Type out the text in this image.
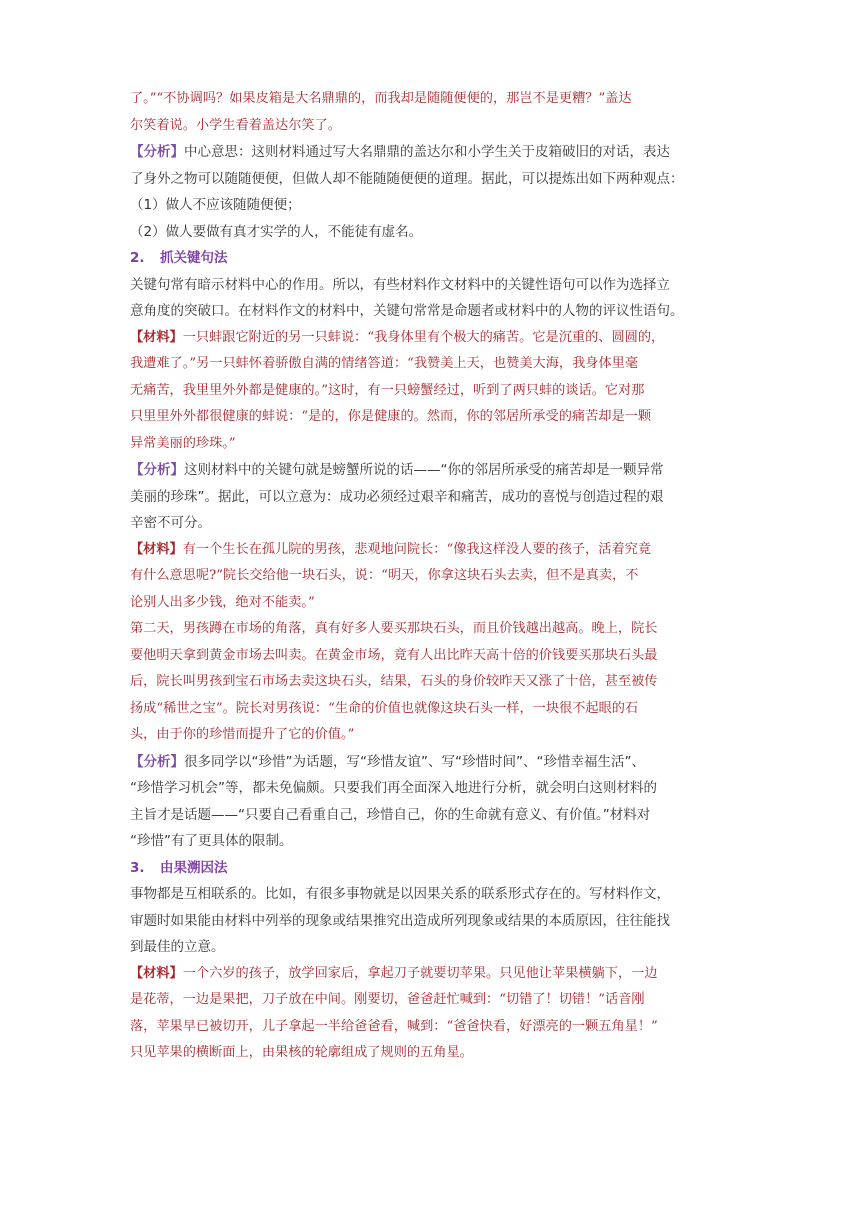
了。”“不协调吗？如果皮箱是大名鼎鼎的，而我却是随随便便的，那岂不是更糟？”盖达
尔笑着说。小学生看着盖达尔笑了。
【分析】中心意思：这则材料通过写大名鼎鼎的盖达尔和小学生关于皮箱破旧的对话，表达
了身外之物可以随随便便，但做人却不能随随便便的道理。据此，可以提炼出如下两种观点：
（1）做人不应该随随便便；
（2）做人要做有真才实学的人，不能徒有虚名。
2. 抓关键句法
关键句常有暗示材料中心的作用。所以，有些材料作文材料中的关键性语句可以作为选择立
意角度的突破口。在材料作文的材料中，关键句常常是命题者或材料中的人物的评议性语句。
【材料】一只蚌跟它附近的另一只蚌说：“我身体里有个极大的痛苦。它是沉重的、圆圆的，
我遭难了。”另一只蚌怀着骄傲自满的情绪答道：“我赞美上天，也赞美大海，我身体里毫
无痛苦，我里里外外都是健康的。”这时，有一只螃蟹经过，听到了两只蚌的谈话。它对那
只里里外外都很健康的蚌说：“是的，你是健康的。然而，你的邻居所承受的痛苦却是一颗
异常美丽的珍珠。”
【分析】这则材料中的关键句就是螃蟹所说的话——“你的邻居所承受的痛苦却是一颗异常
美丽的珍珠”。据此，可以立意为：成功必须经过艰辛和痛苦，成功的喜悦与创造过程的艰
辛密不可分。
【材料】有一个生长在孤儿院的男孩，悲观地问院长：“像我这样没人要的孩子，活着究竟
有什么意思呢?”院长交给他一块石头，说：“明天，你拿这块石头去卖，但不是真卖，不
论别人出多少钱，绝对不能卖。”
第二天，男孩蹲在市场的角落，真有好多人要买那块石头，而且价钱越出越高。晚上，院长
要他明天拿到黄金市场去叫卖。在黄金市场，竟有人出比昨天高十倍的价钱要买那块石头最
后，院长叫男孩到宝石市场去卖这块石头，结果，石头的身价较昨天又涨了十倍，甚至被传
扬成“稀世之宝”。院长对男孩说：“生命的价值也就像这块石头一样，一块很不起眼的石
头，由于你的珍惜而提升了它的价值。”
【分析】很多同学以“珍惜”为话题，写“珍惜友谊”、写“珍惜时间”、“珍惜幸福生活”、
“珍惜学习机会”等，都未免偏颇。只要我们再全面深入地进行分析，就会明白这则材料的
主旨才是话题——“只要自己看重自己，珍惜自己，你的生命就有意义、有价值。”材料对
“珍惜”有了更具体的限制。
3. 由果溯因法
事物都是互相联系的。比如，有很多事物就是以因果关系的联系形式存在的。写材料作文，
审题时如果能由材料中列举的现象或结果推究出造成所列现象或结果的本质原因，往往能找
到最佳的立意。
【材料】一个六岁的孩子，放学回家后，拿起刀子就要切苹果。只见他让苹果横躺下，一边
是花蒂，一边是果把，刀子放在中间。刚要切，爸爸赶忙喊到：“切错了！切错！”话音刚
落，苹果早已被切开，儿子拿起一半给爸爸看，喊到：“爸爸快看，好漂亮的一颗五角星！”
只见苹果的横断面上，由果核的轮廓组成了规则的五角星。
